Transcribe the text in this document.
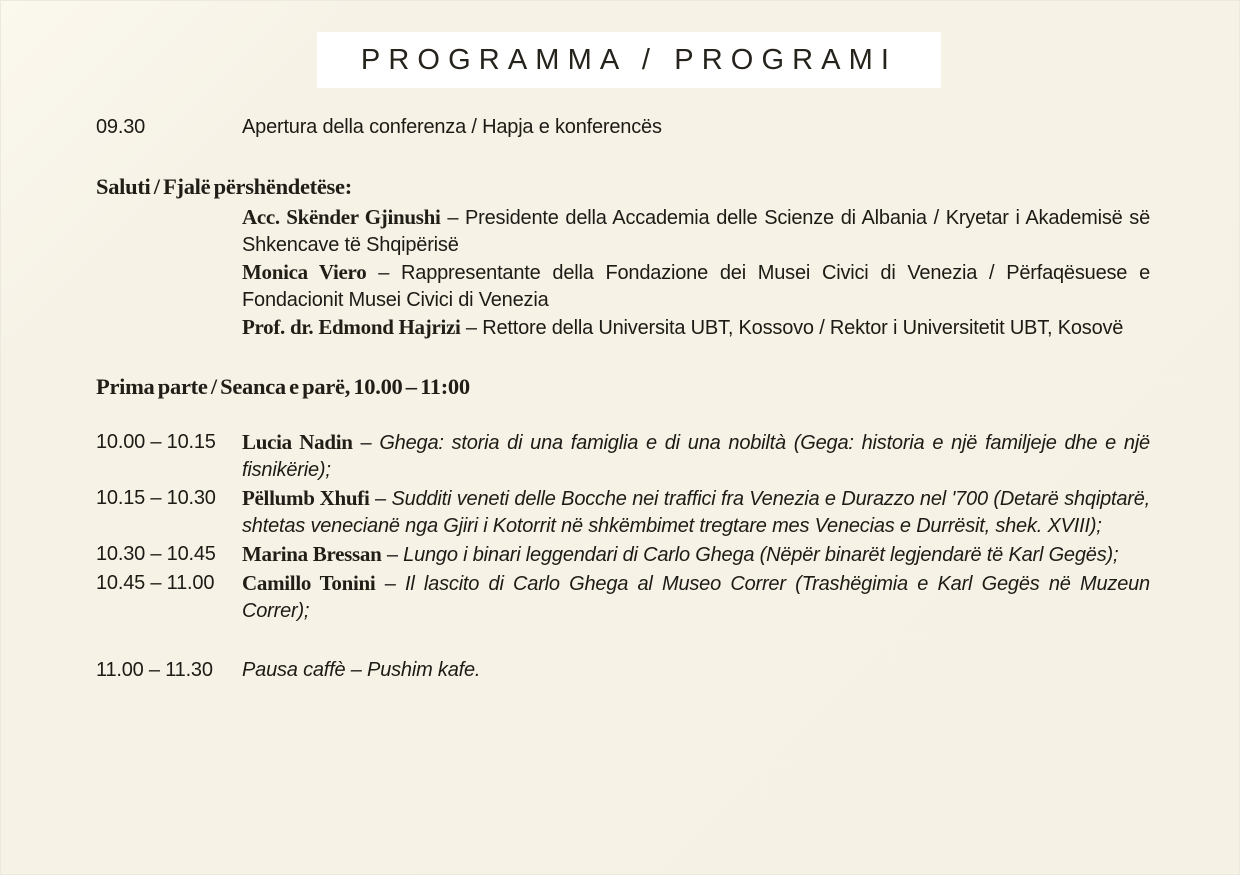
PROGRAMMA / PROGRAMI
09.30	Apertura della conferenza / Hapja e konferencës
Saluti / Fjalë përshëndetëse:

Acc. Skënder Gjinushi – Presidente della Accademia delle Scienze di Albania / Kryetar i Akademisë së Shkencave të Shqipërisë

Monica Viero – Rappresentante della Fondazione dei Musei Civici di Venezia / Përfaqësuese e Fondacionit Musei Civici di Venezia

Prof. dr. Edmond Hajrizi – Rettore della Universita UBT, Kossovo / Rektor i Universitetit UBT, Kosovë

Prima parte / Seanca e parë, 10.00 – 11:00
10.00 – 10.15	Lucia Nadin – Ghega: storia di una famiglia e di una nobiltà (Gega: historia e një familjeje dhe e një fisnikërie);
10.15 – 10.30	Pëllumb Xhufi – Sudditi veneti delle Bocche nei traffici fra Venezia e Durazzo nel '700 (Detarë shqiptarë, shtetas venecianë nga Gjiri i Kotorrit në shkëmbimet tregtare mes Venecias e Durrësit, shek. XVIII);
10.30 – 10.45	Marina Bressan – Lungo i binari leggendari di Carlo Ghega (Nëpër binarët legjendarë të Karl Gegës);
10.45 – 11.00	Camillo Tonini – Il lascito di Carlo Ghega al Museo Correr (Trashëgimia e Karl Gegës në Muzeun Correr);
11.00 – 11.30	Pausa caffè – Pushim kafe.
